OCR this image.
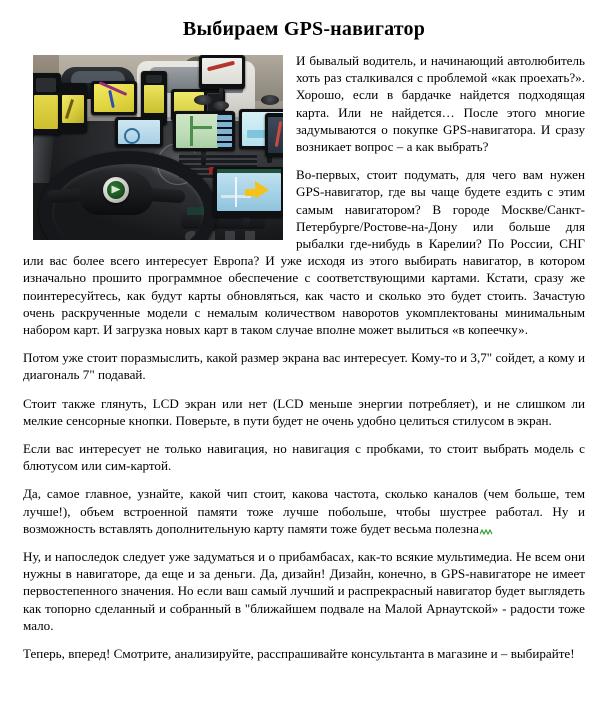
Выбираем GPS-навигатор

И бывалый водитель, и начинающий автолюбитель хоть раз сталкивался с проблемой «как проехать?». Хорошо, если в бардачке найдется подходящая карта. Или не найдется… После этого многие задумываются о покупке GPS-навигатора. И сразу возникает вопрос – а как выбрать?

Во-первых, стоит подумать, для чего вам нужен GPS-навигатор, где вы чаще будете ездить с этим самым навигатором? В городе Москве/Санкт-Петербурге/Ростове-на-Дону или больше для рыбалки где-нибудь в Карелии? По России, СНГ или вас более всего интересует Европа? И уже исходя из этого выбирать навигатор, в котором изначально прошито программное обеспечение с соответствующими картами. Кстати, сразу же поинтересуйтесь, как будут карты обновляться, как часто и сколько это будет стоить. Зачастую очень раскрученные модели с немалым количеством наворотов укомплектованы минимальным набором карт. И загрузка новых карт в таком случае вполне может вылиться «в копеечку».

Потом уже стоит поразмыслить, какой размер экрана вас интересует. Кому-то и 3,7" сойдет, а кому и диагональ 7" подавай.

Стоит также глянуть, LCD экран или нет (LCD меньше энергии потребляет), и не слишком ли мелкие сенсорные кнопки. Поверьте, в пути будет не очень удобно целиться стилусом в экран.

Если вас интересует не только навигация, но навигация с пробками, то стоит выбрать модель с блютусом или сим-картой.

Да, самое главное, узнайте, какой чип стоит, какова частота, сколько каналов (чем больше, тем лучше!), объем встроенной памяти тоже лучше побольше, чтобы шустрее работал. Ну и возможность вставлять дополнительную карту памяти тоже будет весьма полезна

Ну, и напоследок следует уже задуматься и о прибамбасах, как-то всякие мультимедиа. Не всем они нужны в навигаторе, да еще и за деньги. Да, дизайн! Дизайн, конечно, в GPS-навигаторе не имеет первостепенного значения. Но если ваш самый лучший и распрекрасный навигатор будет выглядеть как топорно сделанный и собранный в "ближайшем подвале на Малой Арнаутской» - радости тоже мало.

Теперь, вперед! Смотрите, анализируйте, расспрашивайте консультанта в магазине и – выбирайте!
